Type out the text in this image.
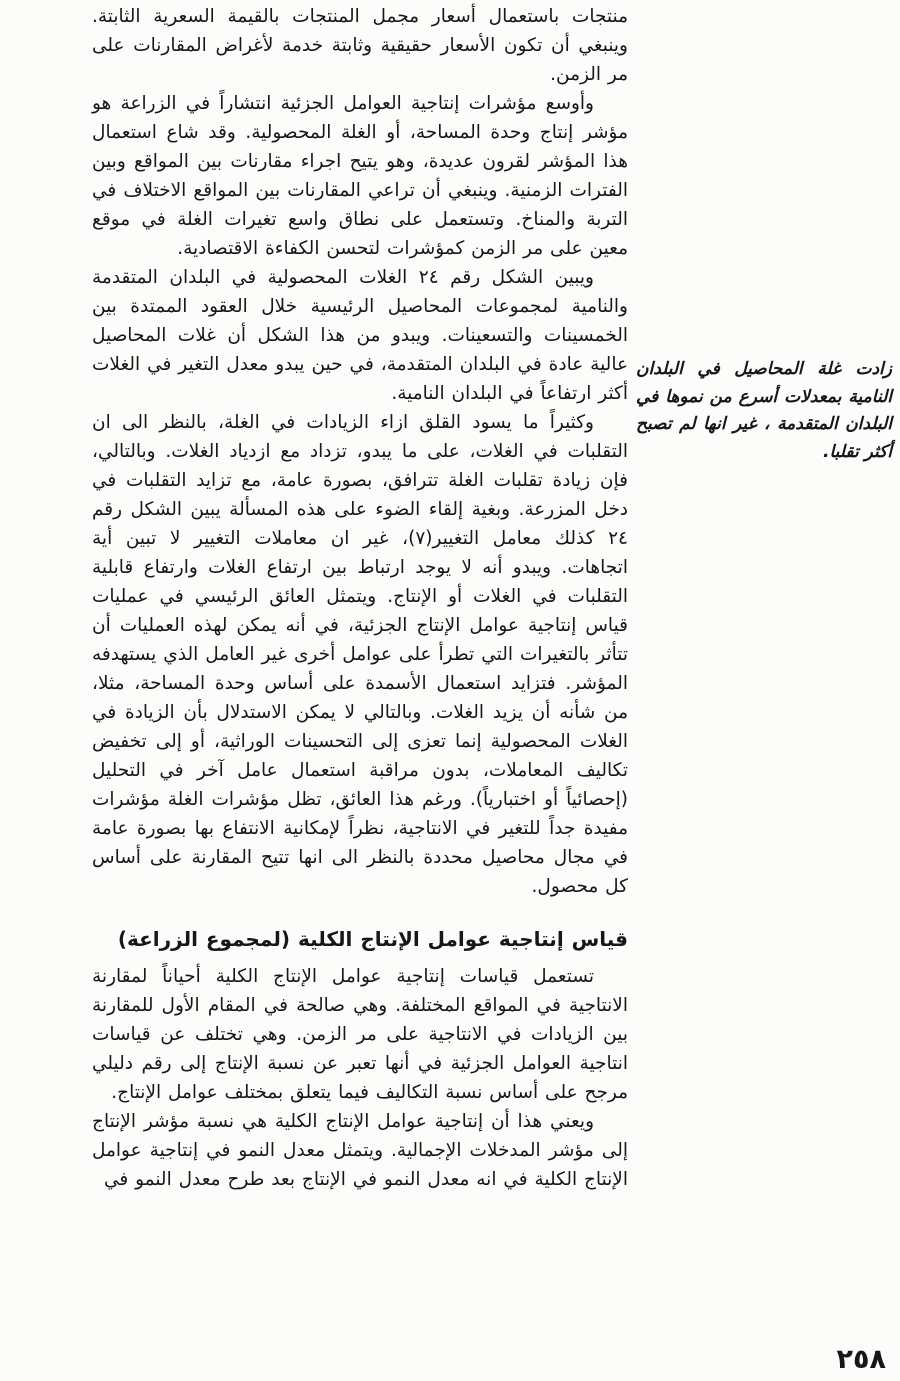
منتجات باستعمال أسعار مجمل المنتجات بالقيمة السعرية الثابتة. وينبغي أن تكون الأسعار حقيقية وثابتة خدمة لأغراض المقارنات على مر الزمن.

وأوسع مؤشرات إنتاجية العوامل الجزئية انتشاراً في الزراعة هو مؤشر إنتاج وحدة المساحة، أو الغلة المحصولية. وقد شاع استعمال هذا المؤشر لقرون عديدة، وهو يتيح اجراء مقارنات بين المواقع وبين الفترات الزمنية. وينبغي أن تراعي المقارنات بين المواقع الاختلاف في التربة والمناخ. وتستعمل على نطاق واسع تغيرات الغلة في موقع معين على مر الزمن كمؤشرات لتحسن الكفاءة الاقتصادية.

ويبين الشكل رقم ٢٤ الغلات المحصولية في البلدان المتقدمة والنامية لمجموعات المحاصيل الرئيسية خلال العقود الممتدة بين الخمسينات والتسعينات. ويبدو من هذا الشكل أن غلات المحاصيل عالية عادة في البلدان المتقدمة، في حين يبدو معدل التغير في الغلات أكثر ارتفاعاً في البلدان النامية.

وكثيراً ما يسود القلق ازاء الزيادات في الغلة، بالنظر الى ان التقلبات في الغلات، على ما يبدو، تزداد مع ازدياد الغلات. وبالتالي، فإن زيادة تقلبات الغلة تترافق، بصورة عامة، مع تزايد التقلبات في دخل المزرعة. وبغية إلقاء الضوء على هذه المسألة يبين الشكل رقم ٢٤ كذلك معامل التغيير(٧)، غير ان معاملات التغيير لا تبين أية اتجاهات. ويبدو أنه لا يوجد ارتباط بين ارتفاع الغلات وارتفاع قابلية التقلبات في الغلات أو الإنتاج. ويتمثل العائق الرئيسي في عمليات قياس إنتاجية عوامل الإنتاج الجزئية، في أنه يمكن لهذه العمليات أن تتأثر بالتغيرات التي تطرأ على عوامل أخرى غير العامل الذي يستهدفه المؤشر. فتزايد استعمال الأسمدة على أساس وحدة المساحة، مثلا، من شأنه أن يزيد الغلات. وبالتالي لا يمكن الاستدلال بأن الزيادة في الغلات المحصولية إنما تعزى إلى التحسينات الوراثية، أو إلى تخفيض تكاليف المعاملات، بدون مراقبة استعمال عامل آخر في التحليل (إحصائياً أو اختبارياً). ورغم هذا العائق، تظل مؤشرات الغلة مؤشرات مفيدة جداً للتغير في الانتاجية، نظراً لإمكانية الانتفاع بها بصورة عامة في مجال محاصيل محددة بالنظر الى انها تتيح المقارنة على أساس كل محصول.

قياس إنتاجية عوامل الإنتاج الكلية (لمجموع الزراعة)

تستعمل قياسات إنتاجية عوامل الإنتاج الكلية أحياناً لمقارنة الانتاجية في المواقع المختلفة. وهي صالحة في المقام الأول للمقارنة بين الزيادات في الانتاجية على مر الزمن. وهي تختلف عن قياسات انتاجية العوامل الجزئية في أنها تعبر عن نسبة الإنتاج إلى رقم دليلي مرجح على أساس نسبة التكاليف فيما يتعلق بمختلف عوامل الإنتاج.

ويعني هذا أن إنتاجية عوامل الإنتاج الكلية هي نسبة مؤشر الإنتاج إلى مؤشر المدخلات الإجمالية. ويتمثل معدل النمو في إنتاجية عوامل الإنتاج الكلية في انه معدل النمو في الإنتاج بعد طرح معدل النمو في

زادت غلة المحاصيل في البلدان النامية بمعدلات أسرع من نموها في البلدان المتقدمة ، غير انها لم تصبح أكثر تقلبا.
٢٥٨
